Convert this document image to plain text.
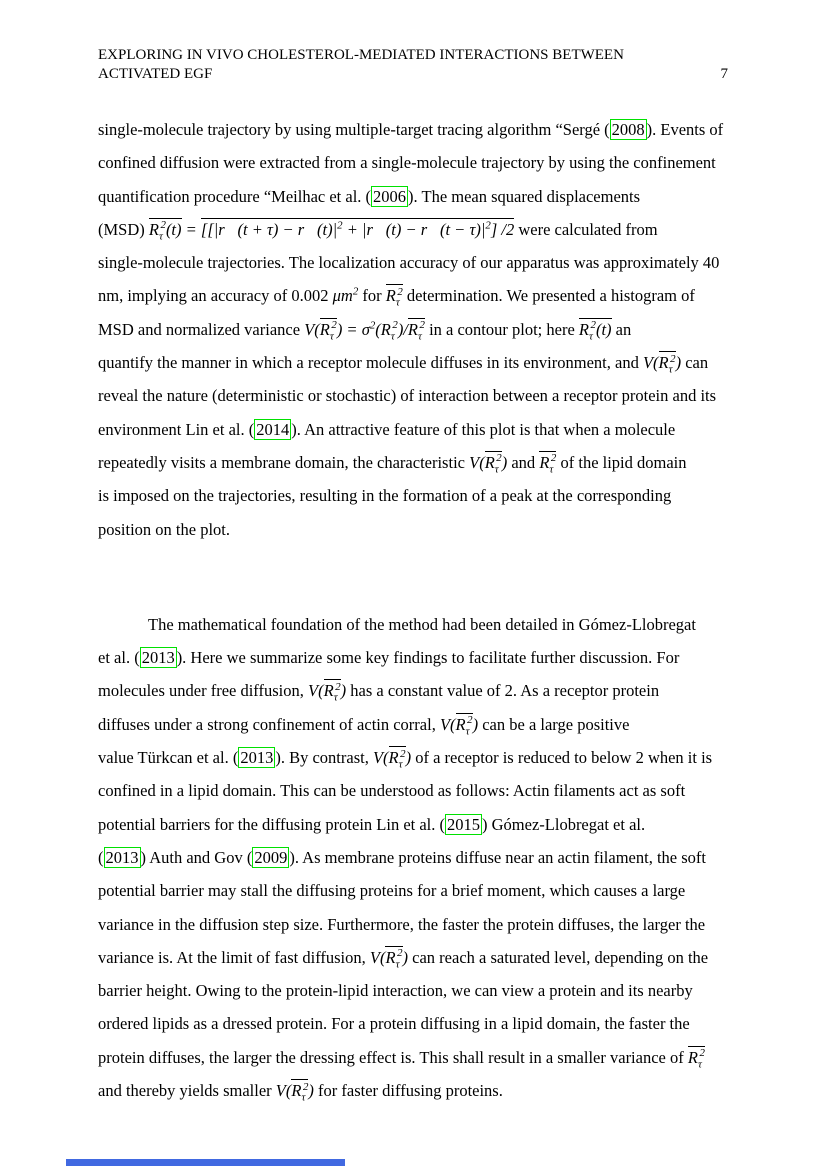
EXPLORING IN VIVO CHOLESTEROL-MEDIATED INTERACTIONS BETWEEN
ACTIVATED EGF	7
single-molecule trajectory by using multiple-target tracing algorithm “Sergé ( 2008 ). Events of
confined diffusion were extracted from a single-molecule trajectory by using the confinement
quantification procedure “Meilhac et al. ( 2006 ). The mean squared displacements
(MSD) $R_\tau^2(t)$ = [[|r⃗(t + $\tau) - r⃗(t)|^2$ + |r⃗(t) − r⃗(t − $\tau)|^2$] /2 were calculated from
single-molecule trajectories. The localization accuracy of our apparatus was approximately 40
nm, implying an accuracy of 0.002 $\mu m^2$ for $R_\tau^2$ determination. We presented a histogram of
MSD and normalized variance $V(R_\tau^2) = \sigma^2(R_\tau^2)/R_\tau^2$ in a contour plot; here $R_\tau^2(t)$ an
quantify the manner in which a receptor molecule diffuses in its environment, and $V(R_\tau^2)$ can
reveal the nature (deterministic or stochastic) of interaction between a receptor protein and its
environment Lin et al. ( 2014 ). An attractive feature of this plot is that when a molecule
repeatedly visits a membrane domain, the characteristic $V(R_\tau^2)$ and $R_\tau^2$ of the lipid domain
is imposed on the trajectories, resulting in the formation of a peak at the corresponding
position on the plot.
The mathematical foundation of the method had been detailed in Gómez-Llobregat
et al. ( 2013 ). Here we summarize some key findings to facilitate further discussion. For
molecules under free diffusion, $V(R_\tau^2)$ has a constant value of 2. As a receptor protein
diffuses under a strong confinement of actin corral, $V(R_\tau^2)$ can be a large positive
value Türkcan et al. ( 2013 ). By contrast, $V(R_\tau^2)$ of a receptor is reduced to below 2 when it is
confined in a lipid domain. This can be understood as follows: Actin filaments act as soft
potential barriers for the diffusing protein Lin et al. ( 2015 ) Gómez-Llobregat et al.
( 2013 ) Auth and Gov ( 2009 ). As membrane proteins diffuse near an actin filament, the soft
potential barrier may stall the diffusing proteins for a brief moment, which causes a large
variance in the diffusion step size. Furthermore, the faster the protein diffuses, the larger the
variance is. At the limit of fast diffusion, $V(R_\tau^2)$ can reach a saturated level, depending on the
barrier height. Owing to the protein-lipid interaction, we can view a protein and its nearby
ordered lipids as a dressed protein. For a protein diffusing in a lipid domain, the faster the
protein diffuses, the larger the dressing effect is. This shall result in a smaller variance of $R_\tau^2$
and thereby yields smaller $V(R_\tau^2)$ for faster diffusing proteins.
